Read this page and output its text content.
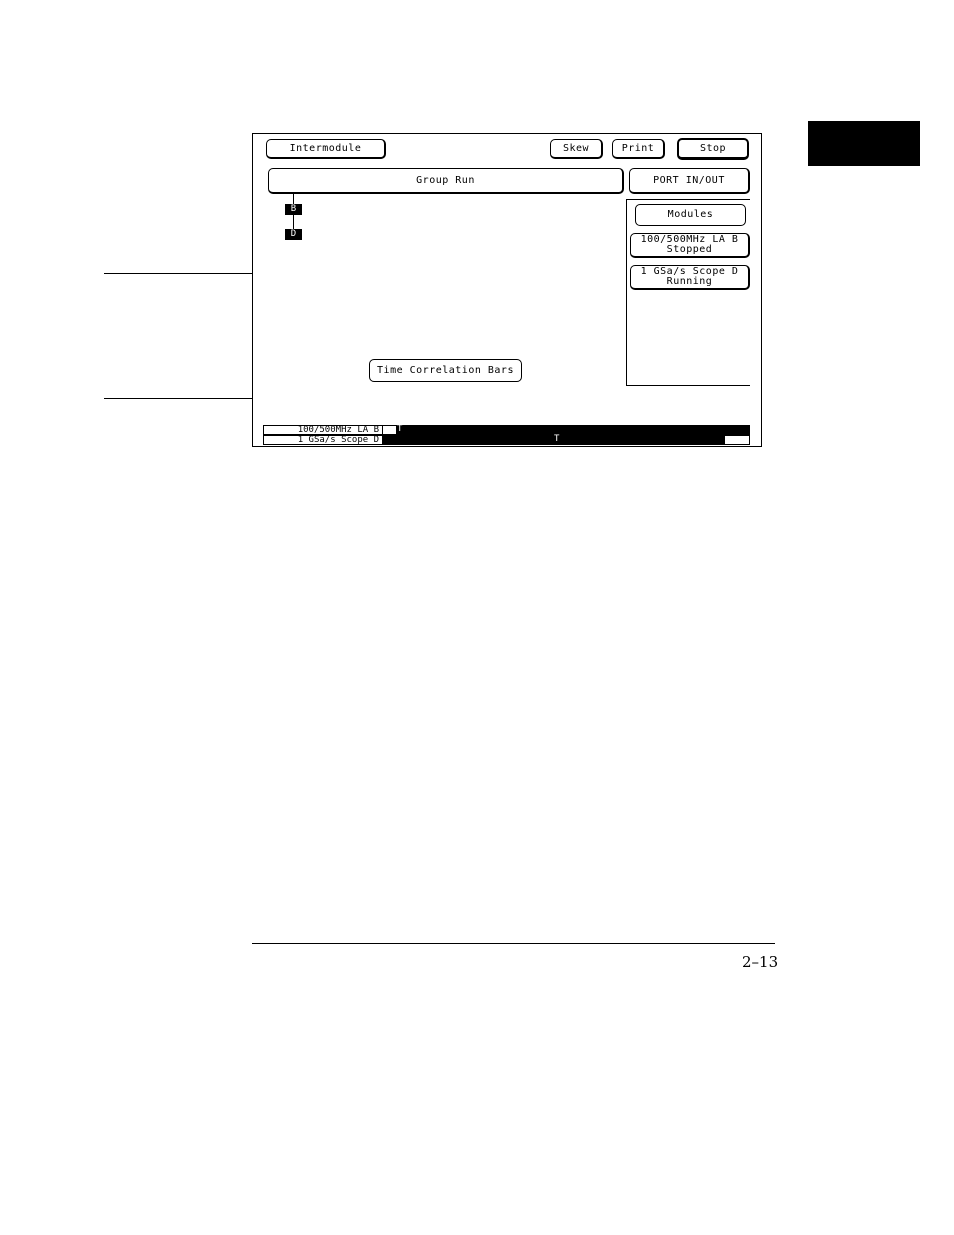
Intermodule	Skew	Print	Stop
Group Run	PORT IN/OUT
B
D
Modules
100/500MHz LA B
Stopped
1 GSa/s Scope D
Running
Time Correlation Bars
100/500MHz LA B
1 GSa/s Scope D
T
T
2–13
